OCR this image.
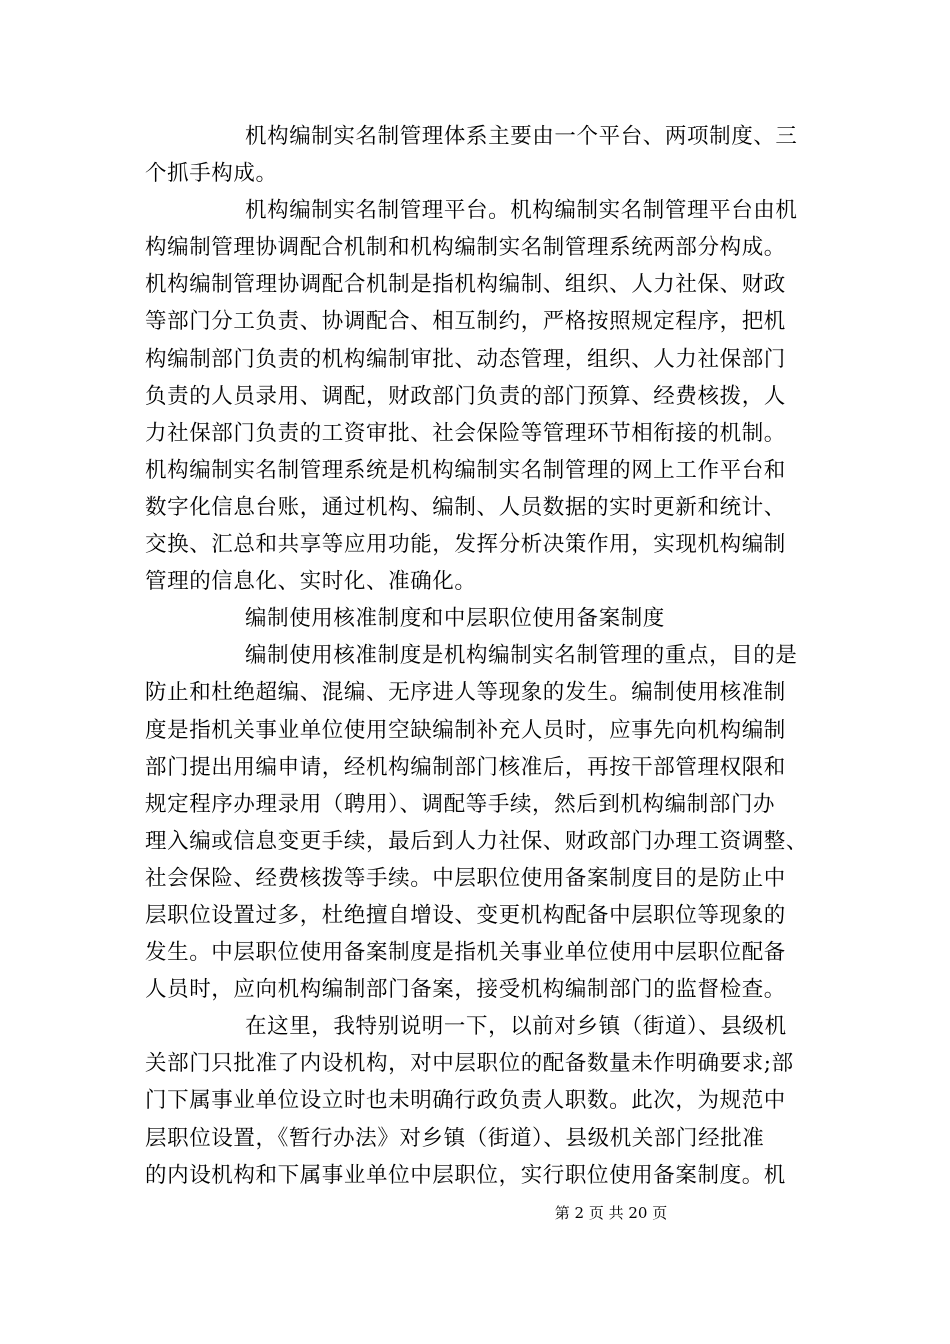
机构编制实名制管理体系主要由一个平台、两项制度、三
个抓手构成。
机构编制实名制管理平台。机构编制实名制管理平台由机
构编制管理协调配合机制和机构编制实名制管理系统两部分构成。
机构编制管理协调配合机制是指机构编制、组织、人力社保、财政
等部门分工负责、协调配合、相互制约，严格按照规定程序，把机
构编制部门负责的机构编制审批、动态管理，组织、人力社保部门
负责的人员录用、调配，财政部门负责的部门预算、经费核拨，人
力社保部门负责的工资审批、社会保险等管理环节相衔接的机制。
机构编制实名制管理系统是机构编制实名制管理的网上工作平台和
数字化信息台账，通过机构、编制、人员数据的实时更新和统计、
交换、汇总和共享等应用功能，发挥分析决策作用，实现机构编制
管理的信息化、实时化、准确化。
编制使用核准制度和中层职位使用备案制度
编制使用核准制度是机构编制实名制管理的重点，目的是
防止和杜绝超编、混编、无序进人等现象的发生。编制使用核准制
度是指机关事业单位使用空缺编制补充人员时，应事先向机构编制
部门提出用编申请，经机构编制部门核准后，再按干部管理权限和
规定程序办理录用（聘用）、调配等手续，然后到机构编制部门办
理入编或信息变更手续，最后到人力社保、财政部门办理工资调整、
社会保险、经费核拨等手续。中层职位使用备案制度目的是防止中
层职位设置过多，杜绝擅自增设、变更机构配备中层职位等现象的
发生。中层职位使用备案制度是指机关事业单位使用中层职位配备
人员时，应向机构编制部门备案，接受机构编制部门的监督检查。
在这里，我特别说明一下，以前对乡镇（街道）、县级机
关部门只批准了内设机构，对中层职位的配备数量未作明确要求;部
门下属事业单位设立时也未明确行政负责人职数。此次，为规范中
层职位设置，《暂行办法》对乡镇（街道）、县级机关部门经批准
的内设机构和下属事业单位中层职位，实行职位使用备案制度。机
第 2 页 共 20 页
